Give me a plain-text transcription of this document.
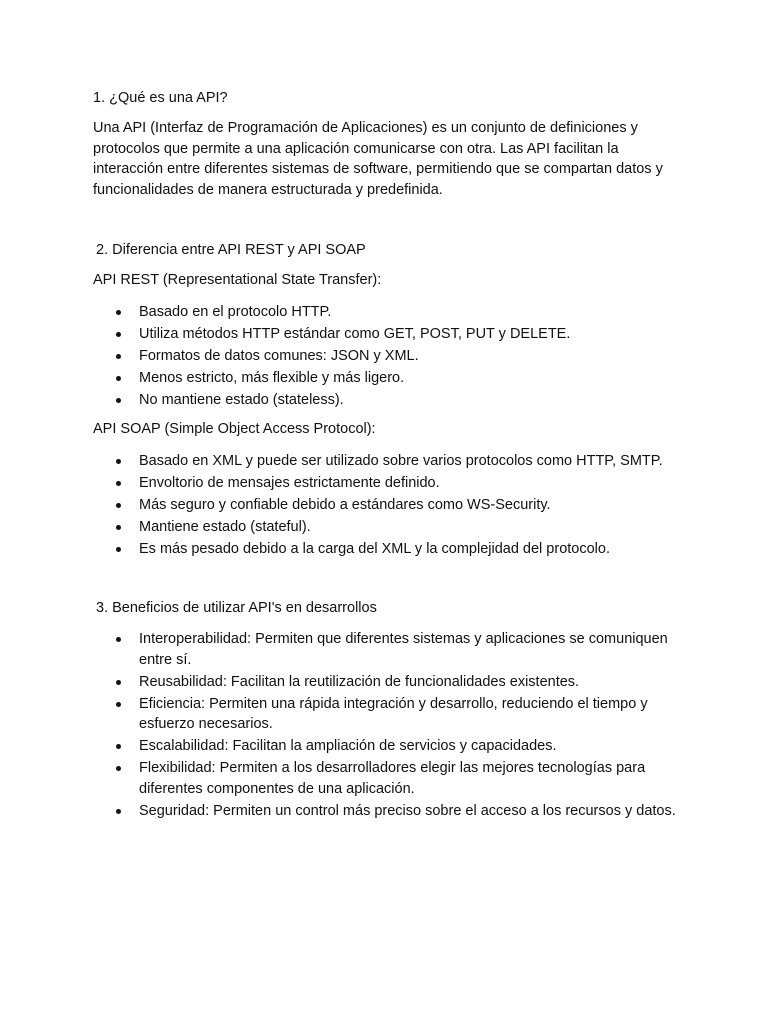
1. ¿Qué es una API?

Una API (Interfaz de Programación de Aplicaciones) es un conjunto de definiciones y protocolos que permite a una aplicación comunicarse con otra. Las API facilitan la interacción entre diferentes sistemas de software, permitiendo que se compartan datos y funcionalidades de manera estructurada y predefinida.

2. Diferencia entre API REST y API SOAP

API REST (Representational State Transfer):

Basado en el protocolo HTTP.
Utiliza métodos HTTP estándar como GET, POST, PUT y DELETE.
Formatos de datos comunes: JSON y XML.
Menos estricto, más flexible y más ligero.
No mantiene estado (stateless).

API SOAP (Simple Object Access Protocol):

Basado en XML y puede ser utilizado sobre varios protocolos como HTTP, SMTP.
Envoltorio de mensajes estrictamente definido.
Más seguro y confiable debido a estándares como WS-Security.
Mantiene estado (stateful).
Es más pesado debido a la carga del XML y la complejidad del protocolo.
3. Beneficios de utilizar API's en desarrollos
Interoperabilidad: Permiten que diferentes sistemas y aplicaciones se comuniquen entre sí.
Reusabilidad: Facilitan la reutilización de funcionalidades existentes.
Eficiencia: Permiten una rápida integración y desarrollo, reduciendo el tiempo y esfuerzo necesarios.
Escalabilidad: Facilitan la ampliación de servicios y capacidades.
Flexibilidad: Permiten a los desarrolladores elegir las mejores tecnologías para diferentes componentes de una aplicación.
Seguridad: Permiten un control más preciso sobre el acceso a los recursos y datos.
